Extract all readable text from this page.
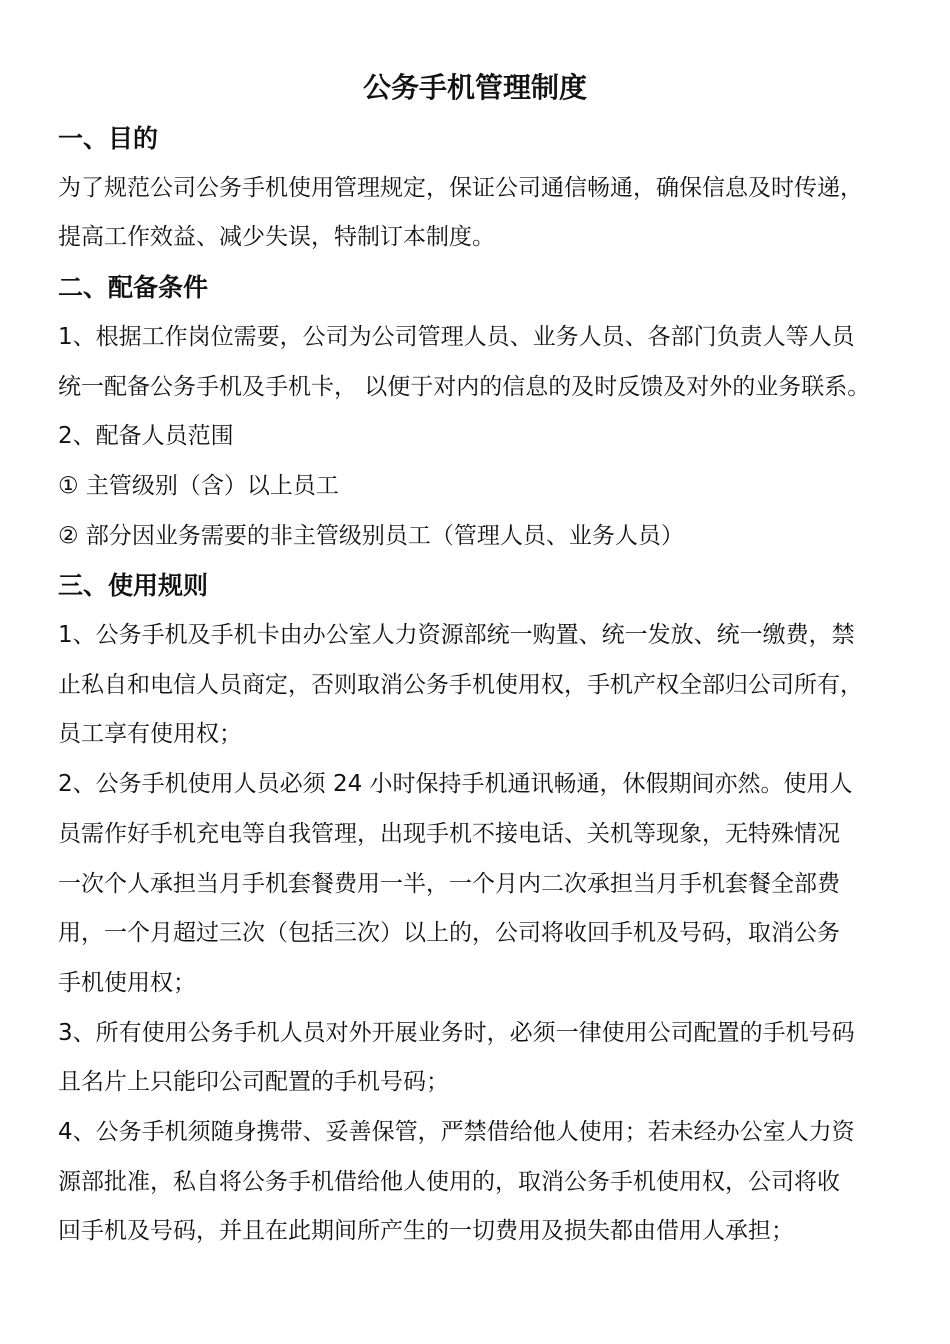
公务手机管理制度

一、目的

为了规范公司公务手机使用管理规定，保证公司通信畅通，确保信息及时传递，
提高工作效益、减少失误，特制订本制度。

二、配备条件

1、根据工作岗位需要，公司为公司管理人员、业务人员、各部门负责人等人员
统一配备公务手机及手机卡， 以便于对内的信息的及时反馈及对外的业务联系。
2、配备人员范围
① 主管级别（含）以上员工
② 部分因业务需要的非主管级别员工（管理人员、业务人员）

三、使用规则

1、公务手机及手机卡由办公室人力资源部统一购置、统一发放、统一缴费，禁
止私自和电信人员商定，否则取消公务手机使用权，手机产权全部归公司所有，
员工享有使用权；
2、公务手机使用人员必须 24 小时保持手机通讯畅通，休假期间亦然。使用人
员需作好手机充电等自我管理，出现手机不接电话、关机等现象，无特殊情况
一次个人承担当月手机套餐费用一半，一个月内二次承担当月手机套餐全部费
用，一个月超过三次（包括三次）以上的，公司将收回手机及号码，取消公务
手机使用权；
3、所有使用公务手机人员对外开展业务时，必须一律使用公司配置的手机号码
且名片上只能印公司配置的手机号码；
4、公务手机须随身携带、妥善保管，严禁借给他人使用；若未经办公室人力资
源部批准，私自将公务手机借给他人使用的，取消公务手机使用权，公司将收
回手机及号码，并且在此期间所产生的一切费用及损失都由借用人承担；
